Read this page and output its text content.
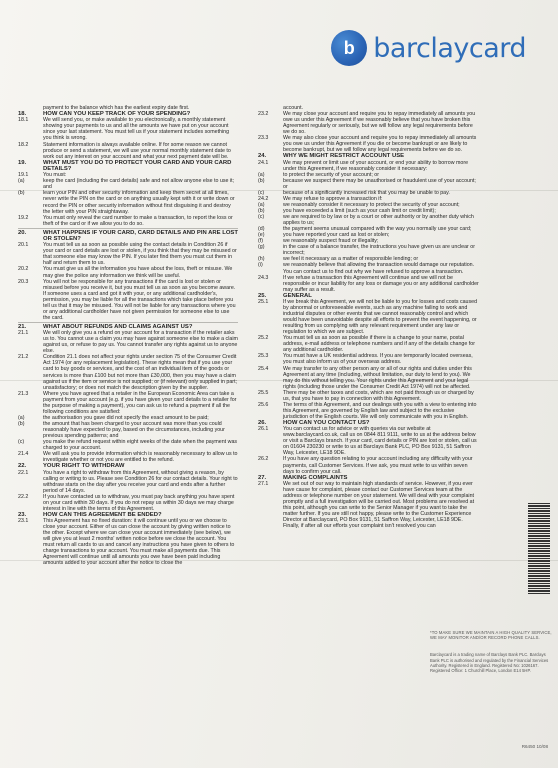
b barclaycard
payment to the balance which has the earliest expiry date first.
18.	HOW CAN YOU KEEP TRACK OF YOUR SPENDING?
18.1	We will send you, or make available to you electronically, a monthly statement showing your payments to us and all the amounts we have put on your account since your last statement. You must tell us if your statement includes something you think is wrong.
18.2	Statement information is always available online. If for some reason we cannot produce or send a statement, we will use your normal monthly statement date to work out any interest on your account and what your next payment date will be.
19.	WHAT MUST YOU DO TO PROTECT YOUR CARD AND YOUR CARD DETAILS?
19.1	You must:
(a)	keep the card (including the card details) safe and not allow anyone else to use it; and
(b)	learn your PIN and other security information and keep them secret at all times, never write the PIN on the card or on anything usually kept with it or write down or record the PIN or other security information without first disguising it and destroy the letter with your PIN straightaway.
19.2	You must only reveal the card number to make a transaction, to report the loss or theft of the card or if we allow you to do so.
20.	WHAT HAPPENS IF YOUR CARD, CARD DETAILS AND PIN ARE LOST OR STOLEN?
20.1	You must tell us as soon as possible using the contact details in Condition 26 if your card or card details are lost or stolen, if you think that they may be misused or that someone else may know the PIN. If you later find them you must cut them in half and return them to us.
20.2	You must give us all the information you have about the loss, theft or misuse. We may give the police any information we think will be useful.
20.3	You will not be responsible for any transactions if the card is lost or stolen or misused before you receive it, but you must tell us as soon as you become aware. If someone uses a card and got it with your, or any additional cardholder's, permission, you may be liable for all the transactions which take place before you tell us that it may be misused. You will not be liable for any transactions where you or any additional cardholder have not given permission for someone else to use the card.
21.	WHAT ABOUT REFUNDS AND CLAIMS AGAINST US?
21.1	We will only give you a refund on your account for a transaction if the retailer asks us to. You cannot use a claim you may have against someone else to make a claim against us, or refuse to pay us. You cannot transfer any rights against us to anyone else.
21.2	Condition 21.1 does not affect your rights under section 75 of the Consumer Credit Act 1974 (or any replacement legislation). These rights mean that if you use your card to buy goods or services, and the cost of an individual item of the goods or services is more than £100 but not more than £30,000, then you may have a claim against us if the item or service is not supplied; or (if relevant) only supplied in part; unsatisfactory; or does not match the description given by the supplier.
21.3	Where you have agreed that a retailer in the European Economic Area can take a payment from your account (e.g. if you have given your card details to a retailer for the purpose of making a payment), you can ask us to refund a payment if all the following conditions are satisfied:
(a)	the authorisation you gave did not specify the exact amount to be paid;
(b)	the amount that has been charged to your account was more than you could reasonably have expected to pay, based on the circumstances, including your previous spending patterns; and
(c)	you make the refund request within eight weeks of the date when the payment was charged to your account.
21.4	We will ask you to provide information which is reasonably necessary to allow us to investigate whether or not you are entitled to the refund.
22.	YOUR RIGHT TO WITHDRAW
22.1	You have a right to withdraw from this Agreement, without giving a reason, by calling or writing to us. Please see Condition 26 for our contact details. Your right to withdraw starts on the day after you receive your card and ends after a further period of 14 days.
22.2	If you have contacted us to withdraw, you must pay back anything you have spent on your card within 30 days. If you do not repay us within 30 days we may charge interest in line with the terms of this Agreement.
23.	HOW CAN THIS AGREEMENT BE ENDED?
23.1	This Agreement has no fixed duration: it will continue until you or we choose to close your account. Either of us can close the account by giving written notice to the other. Except where we can close your account immediately (see below), we will give you at least 2 months' written notice before we close the account. You must return all cards to us and cancel any instructions you have given to others to charge transactions to your account. You must make all payments due. This Agreement will continue until all amounts you owe have been paid including amounts added to your account after the notice to close the
account.
23.2	We may close your account and require you to repay immediately all amounts you owe us under this Agreement if we reasonably believe that you have broken this Agreement regularly or seriously, but we will follow any legal requirements before we do so.
23.3	We may also close your account and require you to repay immediately all amounts you owe us under this Agreement if you die or become bankrupt or are likely to become bankrupt, but we will follow any legal requirements before we do so.
24.	WHY WE MIGHT RESTRICT ACCOUNT USE
24.1	We may prevent or limit use of your account, or end your ability to borrow more under this Agreement, if we reasonably consider it necessary:
(a)	to protect the security of your account; or
(b)	because we suspect there may be unauthorised or fraudulent use of your account; or
(c)	because of a significantly increased risk that you may be unable to pay.
24.2	We may refuse to approve a transaction if:
(a)	we reasonably consider it necessary to protect the security of your account;
(b)	you have exceeded a limit (such as your cash limit or credit limit);
(c)	we are required to by law or by a court or other authority or by another duty which applies to us;
(d)	the payment seems unusual compared with the way you normally use your card;
(e)	you have reported your card as lost or stolen;
(f)	we reasonably suspect fraud or illegality;
(g)	in the case of a balance transfer, the instructions you have given us are unclear or incorrect;
(h)	we feel it necessary as a matter of responsible lending; or
(i)	we reasonably believe that allowing the transaction would damage our reputation.
You can contact us to find out why we have refused to approve a transaction.
24.3	If we refuse a transaction this Agreement will continue and we will not be responsible or incur liability for any loss or damage you or any additional cardholder may suffer as a result.
25.	GENERAL
25.1	If we break this Agreement, we will not be liable to you for losses and costs caused by abnormal or unforeseeable events, such as any machine failing to work and industrial disputes or other events that we cannot reasonably control and which would have been unavoidable despite all efforts to prevent the event happening, or resulting from us complying with any relevant requirement under any law or regulation to which we are subject.
25.2	You must tell us as soon as possible if there is a change to your name, postal address, e-mail address or telephone numbers and if any of the details change for any additional cardholder.
25.3	You must have a UK residential address. If you are temporarily located overseas, you must also inform us of your overseas address.
25.4	We may transfer to any other person any or all of our rights and duties under this Agreement at any time (including, without limitation, our duty to lend to you). We may do this without telling you. Your rights under this Agreement and your legal rights (including those under the Consumer Credit Act 1974) will not be affected.
25.5	There may be other taxes and costs, which are not paid through us or charged by us, that you have to pay in connection with this Agreement.
25.6	The terms of this Agreement, and our dealings with you with a view to entering into this Agreement, are governed by English law and subject to the exclusive jurisdiction of the English courts. We will only communicate with you in English.
26.	HOW CAN YOU CONTACT US?
26.1	You can contact us for advice or with queries via our website at www.barclaycard.co.uk, call us on 0844 811 9111, write to us at the address below or visit a Barclays branch. If your card, card details or PIN are lost or stolen, call us on 01604 230230 or write to us at Barclays Bank PLC, PO Box 9131, 51 Saffron Way, Leicester, LE18 9DE.
26.2	If you have any question relating to your account including any difficulty with your payments, call Customer Services. If we ask, you must write to us within seven days to confirm your call.
27.	MAKING COMPLAINTS
27.1	We set out of our way to maintain high standards of service. However, if you ever have cause for complaint, please contact our Customer Services team at the address or telephone number on your statement. We will deal with your complaint promptly and a full investigation will be carried out. Most problems are resolved at this point, although you can write to the Senior Manager if you want to take the matter further. If you are still not happy, please write to the Customer Experience Director at Barclaycard, PO Box 9131, 51 Saffron Way, Leicester, LE18 9DE. Finally, if after all our efforts your complaint isn't resolved you can
*TO MAKE SURE WE MAINTAIN A HIGH QUALITY SERVICE, WE MAY MONITOR AND/OR RECORD PHONE CALLS.
Barclaycard is a trading name of Barclays Bank PLC. Barclays Bank PLC is authorised and regulated by the Financial Services Authority. Registered in England. Registered No: 1026167. Registered Office: 1 Churchill Place, London E14 5HP.
R6450 10/08
